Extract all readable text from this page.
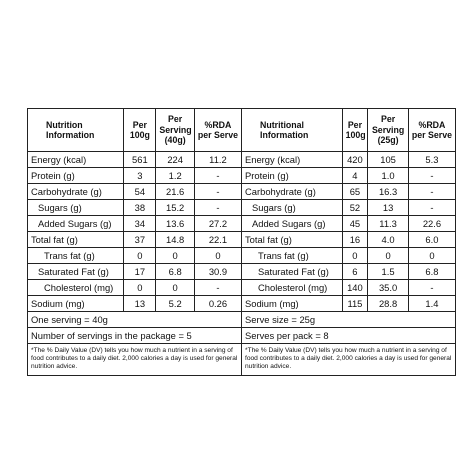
Nutrition Information	Per 100g	Per Serving (40g)	%RDA per Serve
Energy (kcal)	561	224	11.2
Protein (g)	3	1.2	-
Carbohydrate (g)	54	21.6	-
Sugars (g)	38	15.2	-
Added Sugars (g)	34	13.6	27.2
Total fat (g)	37	14.8	22.1
Trans fat (g)	0	0	0
Saturated Fat (g)	17	6.8	30.9
Cholesterol (mg)	0	0	-
Sodium (mg)	13	5.2	0.26
One serving = 40g			
Number of servings in the package = 5			
*The % Daily Value (DV) tells you how much a nutrient in a serving of food contributes to a daily diet. 2,000 calories a day is used for general nutrition advice.
Nutritional Information	Per 100g	Per Serving (25g)	%RDA per Serve
Energy (kcal)	420	105	5.3
Protein (g)	4	1.0	-
Carbohydrate (g)	65	16.3	-
Sugars (g)	52	13	-
Added Sugars (g)	45	11.3	22.6
Total fat (g)	16	4.0	6.0
Trans fat (g)	0	0	0
Saturated Fat (g)	6	1.5	6.8
Cholesterol (mg)	140	35.0	-
Sodium (mg)	115	28.8	1.4
Serve size = 25g			
Serves per pack = 8			
*The % Daily Value (DV) tells you how much a nutrient in a serving of food contributes to a daily diet. 2,000 calories a day is used for general nutrition advice.
